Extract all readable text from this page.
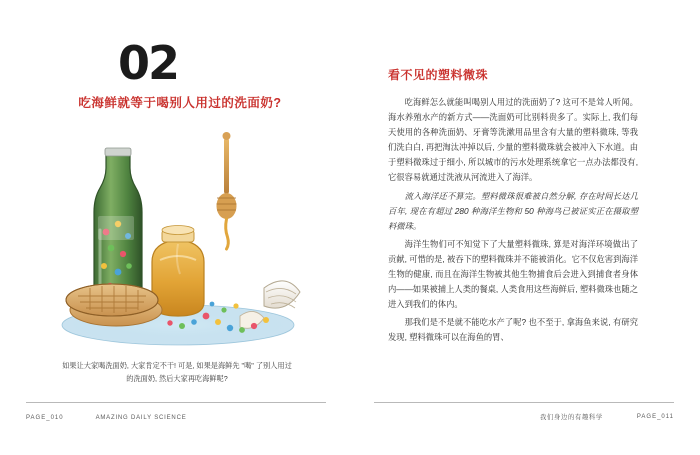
02
吃海鲜就等于喝别人用过的洗面奶?
如果让大家喝洗面奶, 大家肯定不干! 可是, 如果是海鲜先 "喝" 了别人用过的洗面奶, 然后大家再吃海鲜呢?
PAGE_010	AMAZING DAILY SCIENCE
看不见的塑料微珠

吃海鲜怎么就能叫喝别人用过的洗面奶了? 这可不是耸人听闻。海水养殖水产的新方式——洗面奶可比别料贵多了。实际上, 我们每天使用的各种洗面奶、牙膏等洗漱用品里含有大量的塑料微珠, 等我们洗白白, 再把淘汰冲掉以后, 少量的塑料微珠就会被冲入下水道。由于塑料微珠过于细小, 所以城市的污水处理系统拿它一点办法都没有, 它很容易就通过洗液从河流进入了海洋。

流入海洋还不算完。塑料微珠很难被自然分解, 存在时间长达几百年, 现在有超过 280 种海洋生物和 50 种海鸟已被证实正在摄取塑料微珠。

海洋生物们可不知觉下了大量塑料微珠, 算是对海洋环境做出了贡献, 可惜的是, 被吞下的塑料微珠并不能被消化。它不仅危害到海洋生物的健康, 而且在海洋生物被其他生物捕食后会进入到捕食者身体内——如果被捕上人类的餐桌, 人类食用这些海鲜后, 塑料微珠也随之进入到我们的体内。

那我们是不是就不能吃水产了呢? 也不至于, 拿海鱼来说, 有研究发现, 塑料微珠可以在海鱼的胃、

我们身边的有趣科学	PAGE_011
